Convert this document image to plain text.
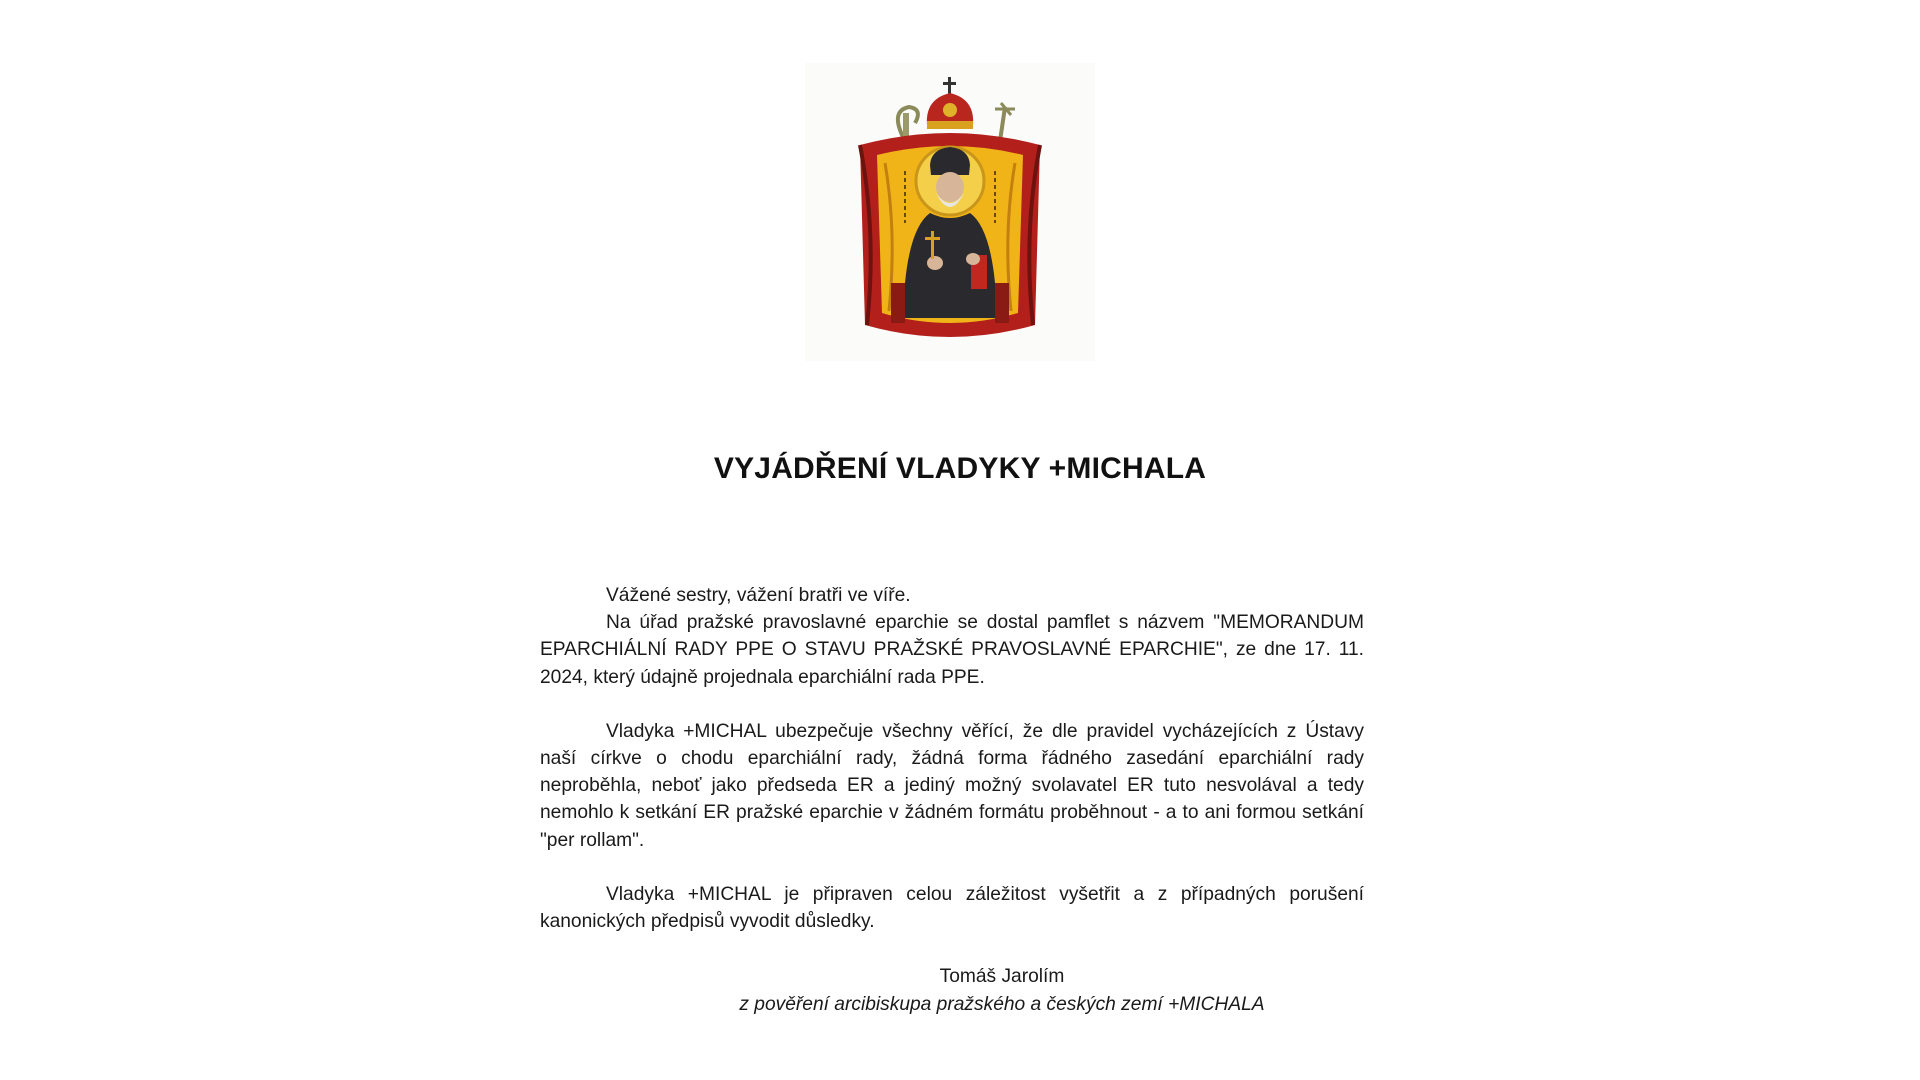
VYJÁDŘENÍ VLADYKY +MICHALA

Vážené sestry, vážení bratři ve víře.

Na úřad pražské pravoslavné eparchie se dostal pamflet s názvem "MEMORANDUM EPARCHIÁLNÍ RADY PPE O STAVU PRAŽSKÉ PRAVOSLAVNÉ EPARCHIE", ze dne 17. 11. 2024, který údajně projednala eparchiální rada PPE.

Vladyka +MICHAL ubezpečuje všechny věřící, že dle pravidel vycházejících z Ústavy naší církve o chodu eparchiální rady, žádná forma řádného zasedání eparchiální rady neproběhla, neboť jako předseda ER a jediný možný svolavatel ER tuto nesvolával a tedy nemohlo k setkání ER pražské eparchie v žádném formátu proběhnout - a to ani formou setkání "per rollam".

Vladyka +MICHAL je připraven celou záležitost vyšetřit a z případných porušení kanonických předpisů vyvodit důsledky.

Tomáš Jarolím
z pověření arcibiskupa pražského a českých zemí +MICHALA
